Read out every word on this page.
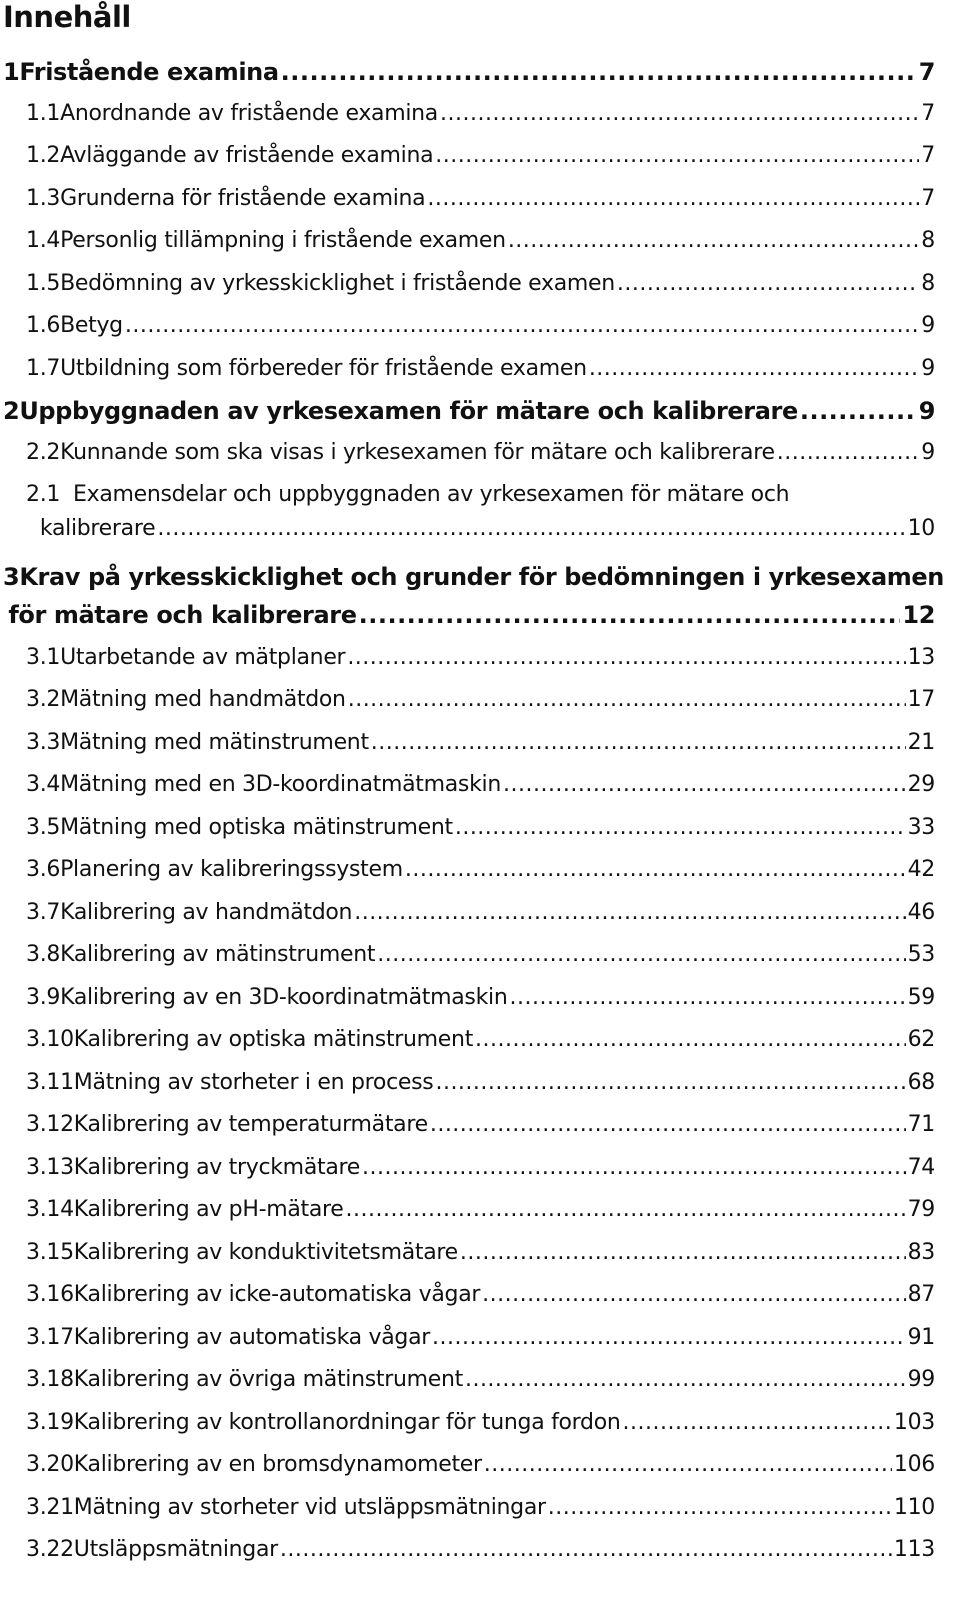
Innehåll
1 Fristående examina .....	7
1.1 Anordnande av fristående examina .....	7
1.2 Avläggande av fristående examina .....	7
1.3 Grunderna för fristående examina .....	7
1.4 Personlig tillämpning i fristående examen .....	8
1.5 Bedömning av yrkesskicklighet i fristående examen .....	8
1.6 Betyg .....	9
1.7 Utbildning som förbereder för fristående examen .....	9
2 Uppbyggnaden av yrkesexamen för mätare och kalibrerare .....	9
2.2 Kunnande som ska visas i yrkesexamen för mätare och kalibrerare .....	9
2.1 Examensdelar och uppbyggnaden av yrkesexamen för mätare och
kalibrerare .....	10
3 Krav på yrkesskicklighet och grunder för bedömningen i yrkesexamen
för mätare och kalibrerare .....	12
3.1 Utarbetande av mätplaner .....	13
3.2 Mätning med handmätdon .....	17
3.3 Mätning med mätinstrument .....	21
3.4 Mätning med en 3D-koordinatmätmaskin .....	29
3.5 Mätning med optiska mätinstrument .....	33
3.6 Planering av kalibreringssystem .....	42
3.7 Kalibrering av handmätdon .....	46
3.8 Kalibrering av mätinstrument .....	53
3.9 Kalibrering av en 3D-koordinatmätmaskin .....	59
3.10 Kalibrering av optiska mätinstrument .....	62
3.11 Mätning av storheter i en process .....	68
3.12 Kalibrering av temperaturmätare .....	71
3.13 Kalibrering av tryckmätare .....	74
3.14 Kalibrering av pH-mätare .....	79
3.15 Kalibrering av konduktivitetsmätare .....	83
3.16 Kalibrering av icke-automatiska vågar .....	87
3.17 Kalibrering av automatiska vågar .....	91
3.18 Kalibrering av övriga mätinstrument .....	99
3.19 Kalibrering av kontrollanordningar för tunga fordon .....	103
3.20 Kalibrering av en bromsdynamometer .....	106
3.21 Mätning av storheter vid utsläppsmätningar .....	110
3.22 Utsläppsmätningar .....	113
